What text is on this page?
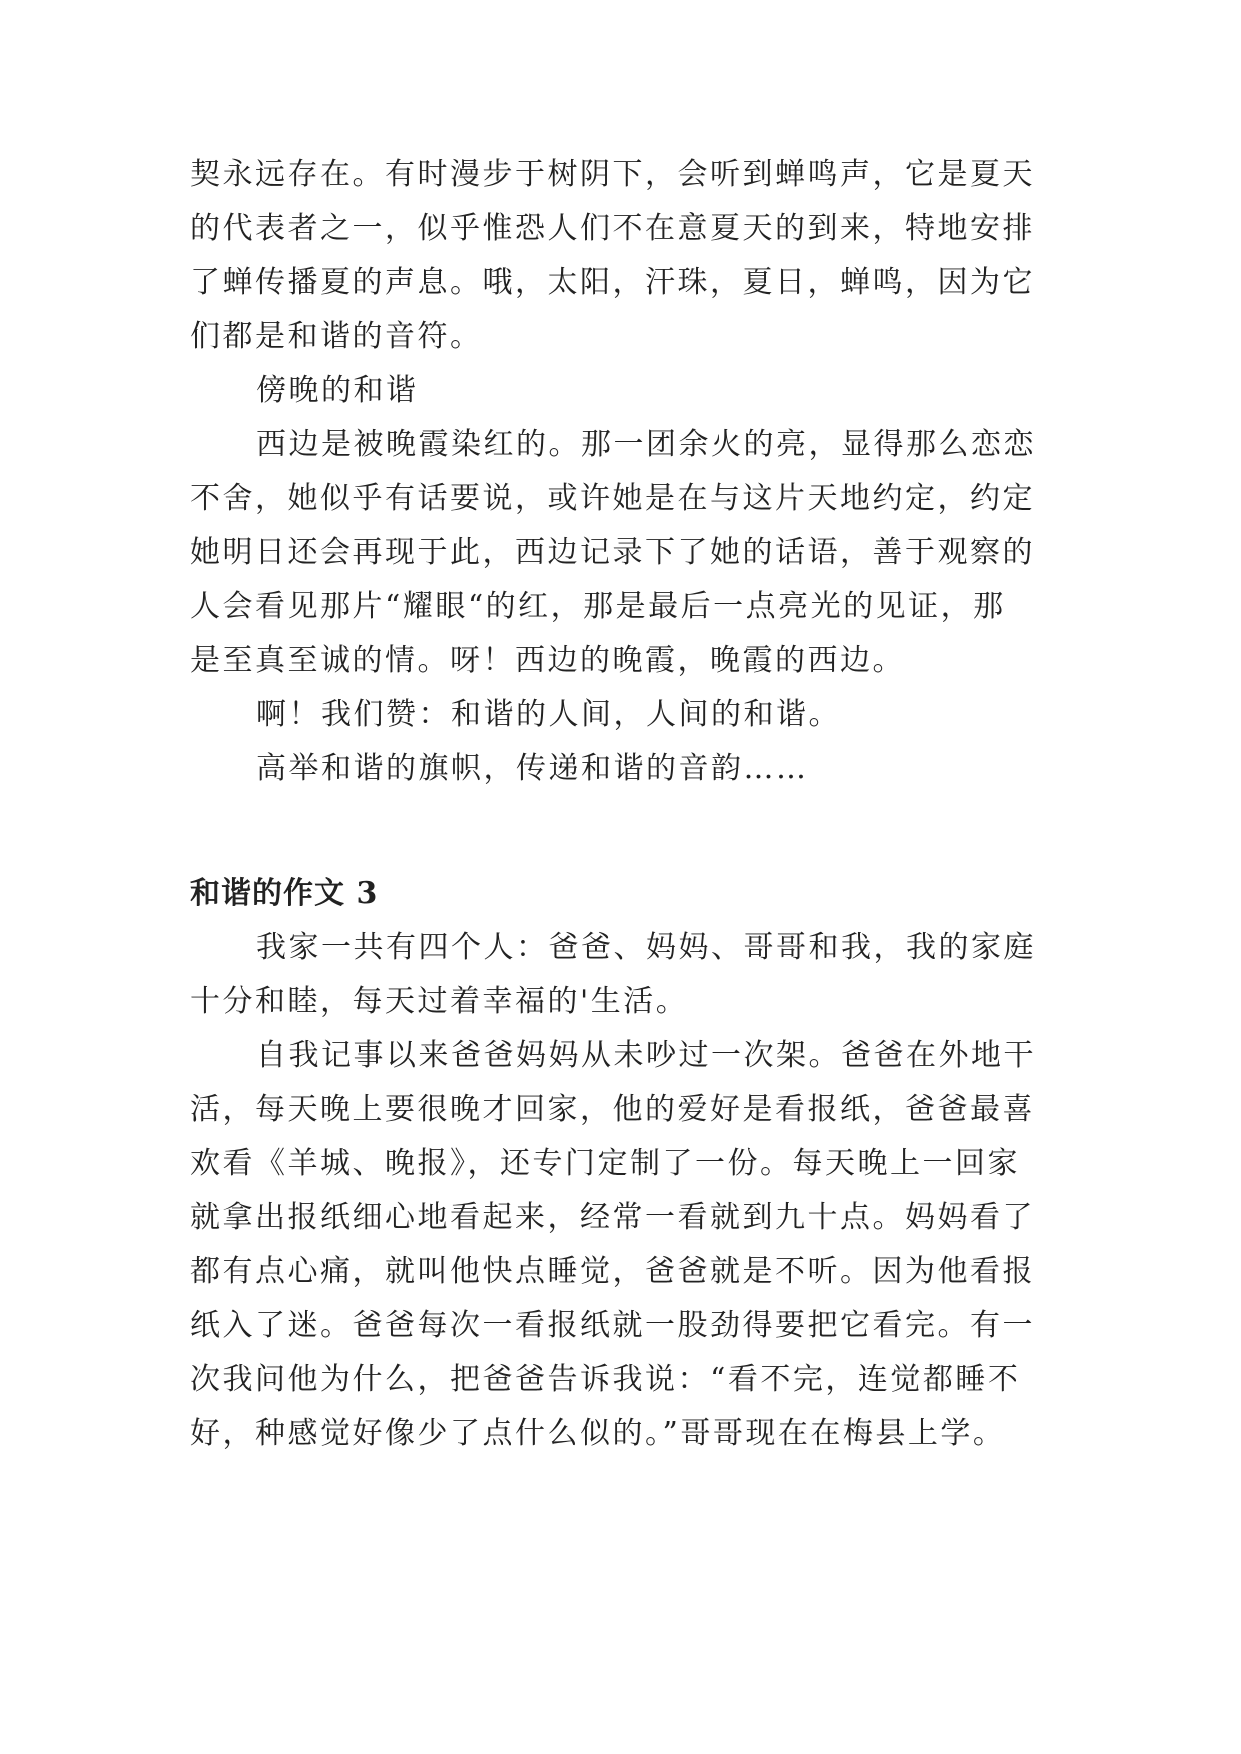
契永远存在。有时漫步于树阴下，会听到蝉鸣声，它是夏天
的代表者之一，似乎惟恐人们不在意夏天的到来，特地安排
了蝉传播夏的声息。哦，太阳，汗珠，夏日，蝉鸣，因为它
们都是和谐的音符。

傍晚的和谐

西边是被晚霞染红的。那一团余火的亮，显得那么恋恋
不舍，她似乎有话要说，或许她是在与这片天地约定，约定
她明日还会再现于此，西边记录下了她的话语，善于观察的
人会看见那片“耀眼“的红，那是最后一点亮光的见证，那
是至真至诚的情。呀！西边的晚霞，晚霞的西边。

啊！我们赞：和谐的人间，人间的和谐。

高举和谐的旗帜，传递和谐的音韵……

和谐的作文 3

我家一共有四个人：爸爸、妈妈、哥哥和我，我的家庭
十分和睦，每天过着幸福的'生活。

自我记事以来爸爸妈妈从未吵过一次架。爸爸在外地干
活，每天晚上要很晚才回家，他的爱好是看报纸，爸爸最喜
欢看《羊城、晚报》，还专门定制了一份。每天晚上一回家
就拿出报纸细心地看起来，经常一看就到九十点。妈妈看了
都有点心痛，就叫他快点睡觉，爸爸就是不听。因为他看报
纸入了迷。爸爸每次一看报纸就一股劲得要把它看完。有一
次我问他为什么，把爸爸告诉我说：“看不完，连觉都睡不
好，种感觉好像少了点什么似的。”哥哥现在在梅县上学。
